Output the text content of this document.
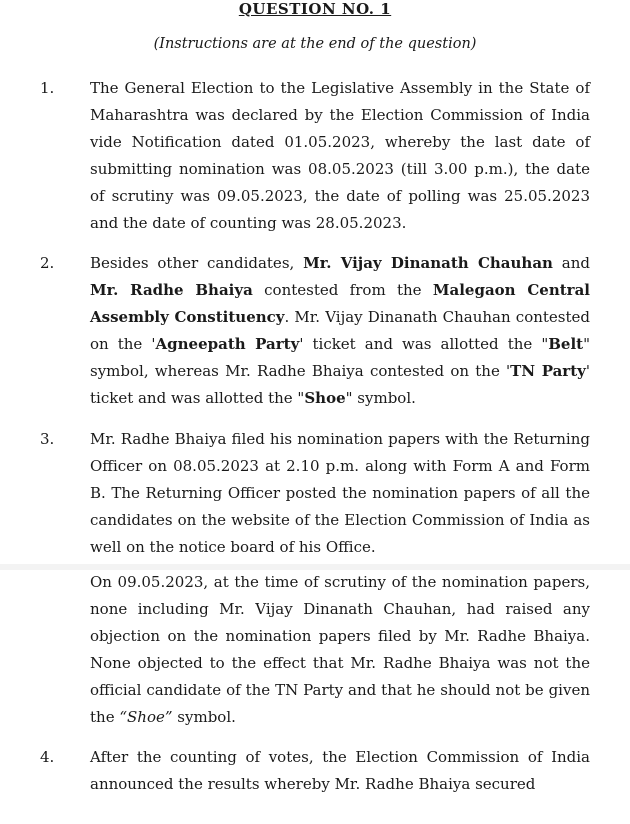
QUESTION NO. 1
(Instructions are at the end of the question)
1. The General Election to the Legislative Assembly in the State of Maharashtra was declared by the Election Commission of India vide Notification dated 01.05.2023, whereby the last date of submitting nomination was 08.05.2023 (till 3.00 p.m.), the date of scrutiny was 09.05.2023, the date of polling was 25.05.2023 and the date of counting was 28.05.2023.

2. Besides other candidates, Mr. Vijay Dinanath Chauhan and Mr. Radhe Bhaiya contested from the Malegaon Central Assembly Constituency. Mr. Vijay Dinanath Chauhan contested on the 'Agneepath Party' ticket and was allotted the "Belt" symbol, whereas Mr. Radhe Bhaiya contested on the 'TN Party' ticket and was allotted the "Shoe" symbol.

3. Mr. Radhe Bhaiya filed his nomination papers with the Returning Officer on 08.05.2023 at 2.10 p.m. along with Form A and Form B. The Returning Officer posted the nomination papers of all the candidates on the website of the Election Commission of India as well on the notice board of his Office.

On 09.05.2023, at the time of scrutiny of the nomination papers, none including Mr. Vijay Dinanath Chauhan, had raised any objection on the nomination papers filed by Mr. Radhe Bhaiya. None objected to the effect that Mr. Radhe Bhaiya was not the official candidate of the TN Party and that he should not be given the “Shoe” symbol.

4. After the counting of votes, the Election Commission of India announced the results whereby Mr. Radhe Bhaiya secured
